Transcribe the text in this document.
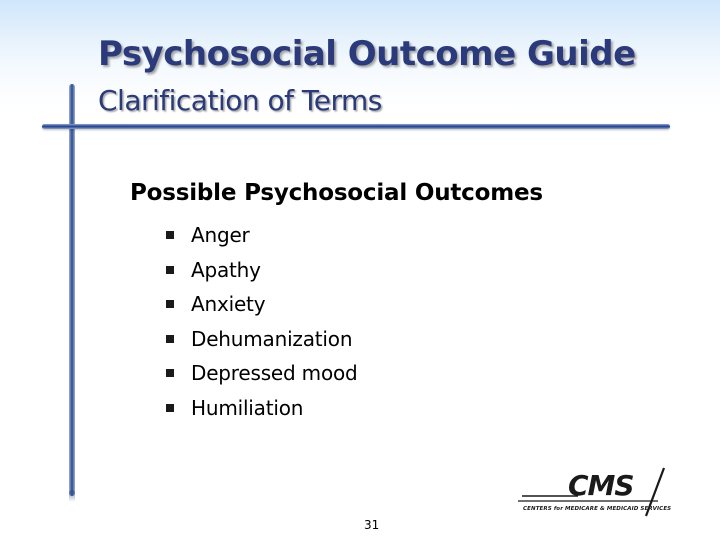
Psychosocial Outcome Guide
Clarification of Terms
Possible Psychosocial Outcomes
Anger
Apathy
Anxiety
Dehumanization
Depressed mood
Humiliation
CMS
CENTERS for MEDICARE & MEDICAID SERVICES
31
